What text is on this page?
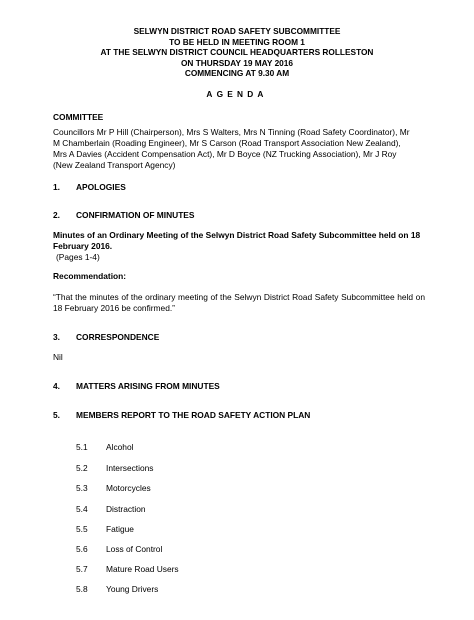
SELWYN DISTRICT ROAD SAFETY SUBCOMMITTEE
TO BE HELD IN MEETING ROOM 1
AT THE SELWYN DISTRICT COUNCIL HEADQUARTERS ROLLESTON
ON THURSDAY 19 MAY 2016
COMMENCING AT 9.30 AM
AGENDA
COMMITTEE
Councillors Mr P Hill (Chairperson), Mrs S Walters, Mrs N Tinning (Road Safety Coordinator), Mr M Chamberlain (Roading Engineer), Mr S Carson (Road Transport Association New Zealand), Mrs A Davies (Accident Compensation Act), Mr D Boyce (NZ Trucking Association), Mr J Roy (New Zealand Transport Agency)
1. APOLOGIES
2. CONFIRMATION OF MINUTES
Minutes of an Ordinary Meeting of the Selwyn District Road Safety Subcommittee held on 18 February 2016.
(Pages 1-4)
Recommendation:
“That the minutes of the ordinary meeting of the Selwyn District Road Safety Subcommittee held on 18 February 2016 be confirmed.”
3. CORRESPONDENCE
Nil
4. MATTERS ARISING FROM MINUTES
5. MEMBERS REPORT TO THE ROAD SAFETY ACTION PLAN
5.1 Alcohol
5.2 Intersections
5.3 Motorcycles
5.4 Distraction
5.5 Fatigue
5.6 Loss of Control
5.7 Mature Road Users
5.8 Young Drivers
